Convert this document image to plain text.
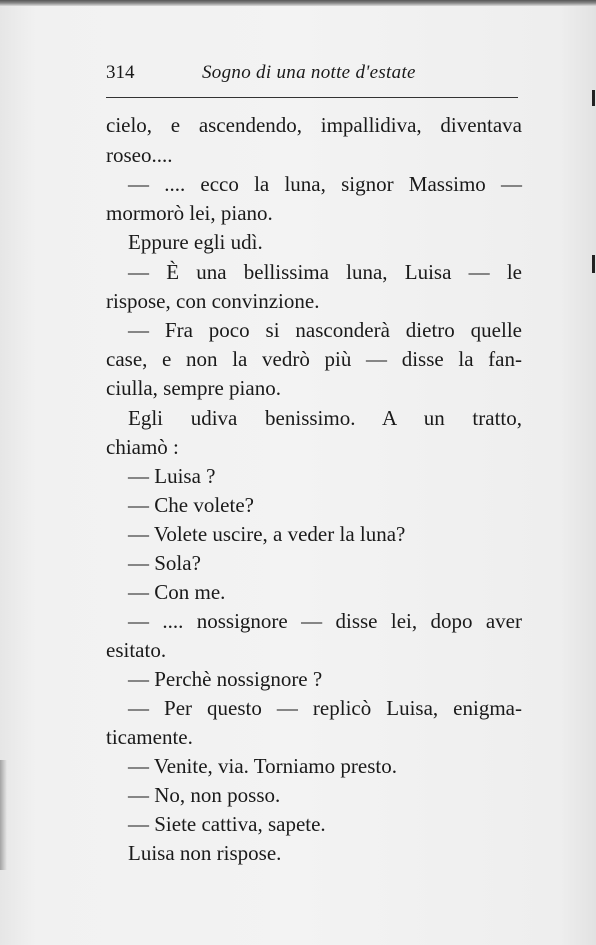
314	Sogno di una notte d'estate
cielo, e ascendendo, impallidiva, diventava
roseo....
— .... ecco la luna, signor Massimo —
mormorò lei, piano.
Eppure egli udì.
— È una bellissima luna, Luisa — le
rispose, con convinzione.
— Fra poco si nasconderà dietro quelle
case, e non la vedrò più — disse la fan-
ciulla, sempre piano.
Egli udiva benissimo. A un tratto,
chiamò :
— Luisa ?
— Che volete?
— Volete uscire, a veder la luna?
— Sola?
— Con me.
— .... nossignore — disse lei, dopo aver
esitato.
— Perchè nossignore ?
— Per questo — replicò Luisa, enigma-
ticamente.
— Venite, via. Torniamo presto.
— No, non posso.
— Siete cattiva, sapete.
Luisa non rispose.
